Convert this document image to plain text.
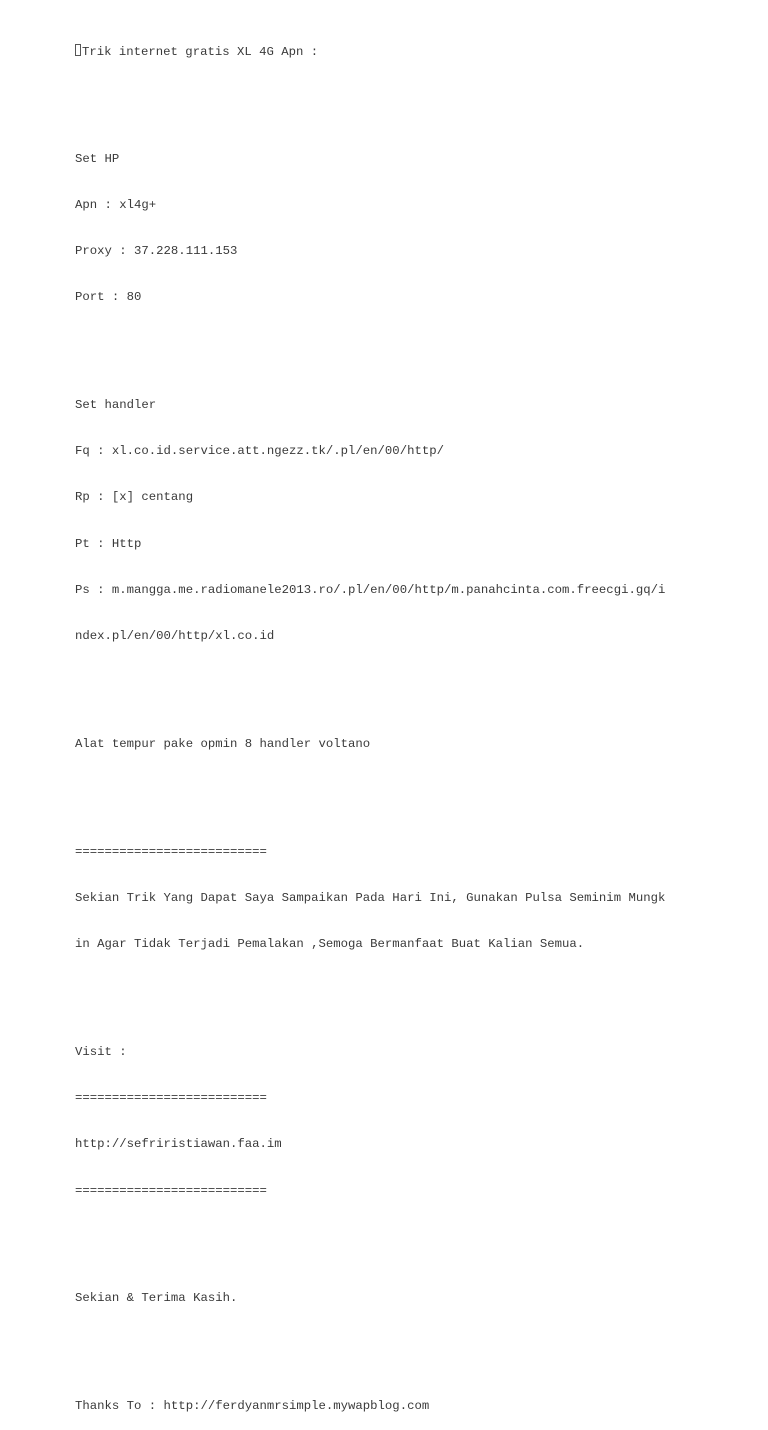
Trik internet gratis XL 4G Apn :

Set HP

Apn : xl4g+

Proxy : 37.228.111.153

Port : 80

Set handler

Fq : xl.co.id.service.att.ngezz.tk/.pl/en/00/http/

Rp : [x] centang

Pt : Http

Ps : m.mangga.me.radiomanele2013.ro/.pl/en/00/http/m.panahcinta.com.freecgi.gq/i

ndex.pl/en/00/http/xl.co.id

Alat tempur pake opmin 8 handler voltano

==========================

Sekian Trik Yang Dapat Saya Sampaikan Pada Hari Ini, Gunakan Pulsa Seminim Mungk

in Agar Tidak Terjadi Pemalakan ,Semoga Bermanfaat Buat Kalian Semua.

Visit :

==========================

http://sefriristiawan.faa.im

==========================

Sekian & Terima Kasih.

Thanks To : http://ferdyanmrsimple.mywapblog.com
